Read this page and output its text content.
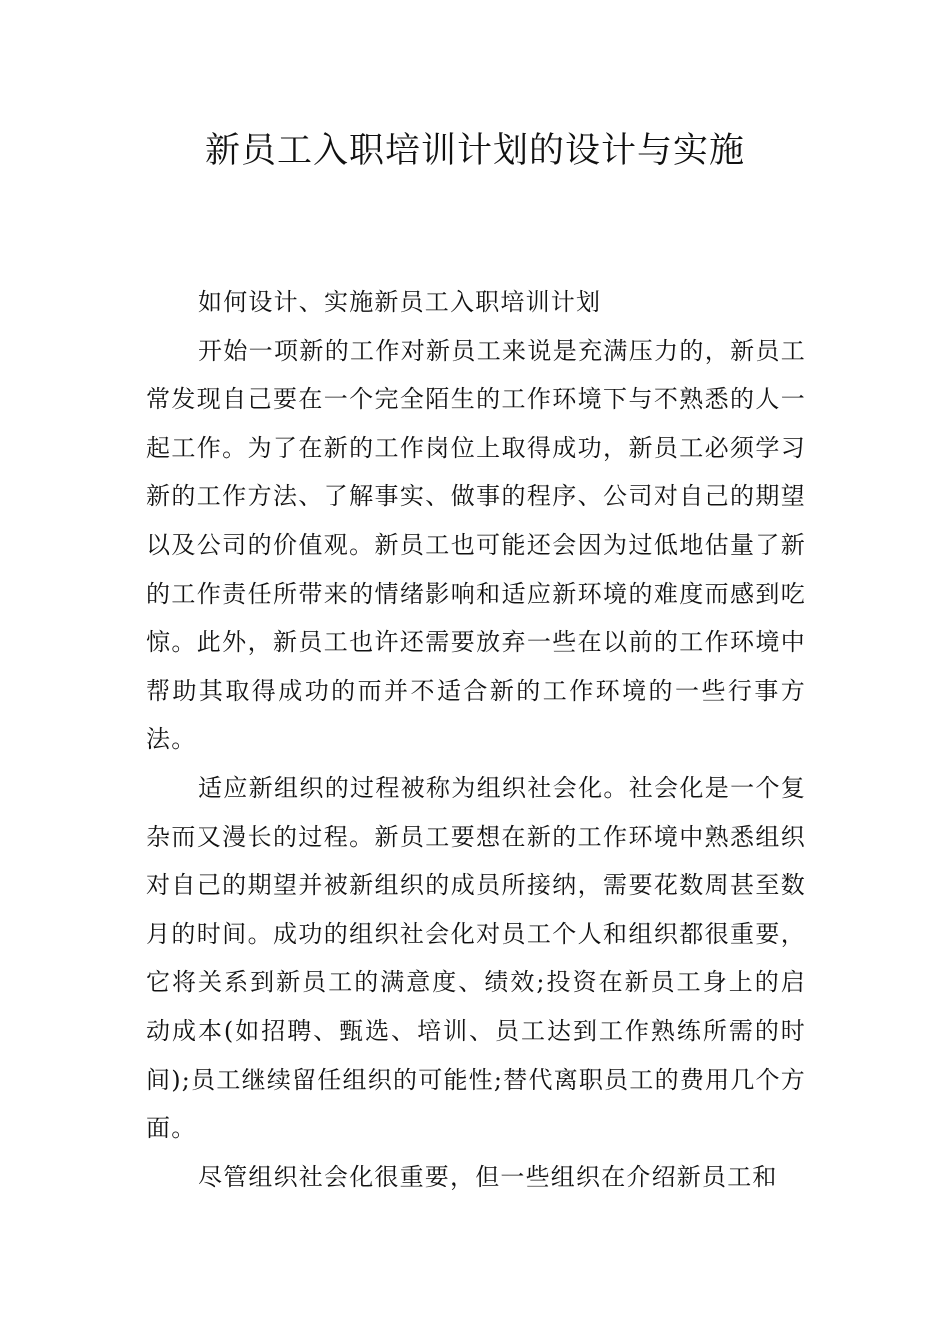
新员工入职培训计划的设计与实施

如何设计、实施新员工入职培训计划

开始一项新的工作对新员工来说是充满压力的，新员工常发现自己要在一个完全陌生的工作环境下与不熟悉的人一起工作。为了在新的工作岗位上取得成功，新员工必须学习新的工作方法、了解事实、做事的程序、公司对自己的期望以及公司的价值观。新员工也可能还会因为过低地估量了新的工作责任所带来的情绪影响和适应新环境的难度而感到吃惊。此外，新员工也许还需要放弃一些在以前的工作环境中帮助其取得成功的而并不适合新的工作环境的一些行事方法。

适应新组织的过程被称为组织社会化。社会化是一个复杂而又漫长的过程。新员工要想在新的工作环境中熟悉组织对自己的期望并被新组织的成员所接纳，需要花数周甚至数月的时间。成功的组织社会化对员工个人和组织都很重要，它将关系到新员工的满意度、绩效;投资在新员工身上的启动成本(如招聘、甄选、培训、员工达到工作熟练所需的时间);员工继续留任组织的可能性;替代离职员工的费用几个方面。

尽管组织社会化很重要，但一些组织在介绍新员工和
